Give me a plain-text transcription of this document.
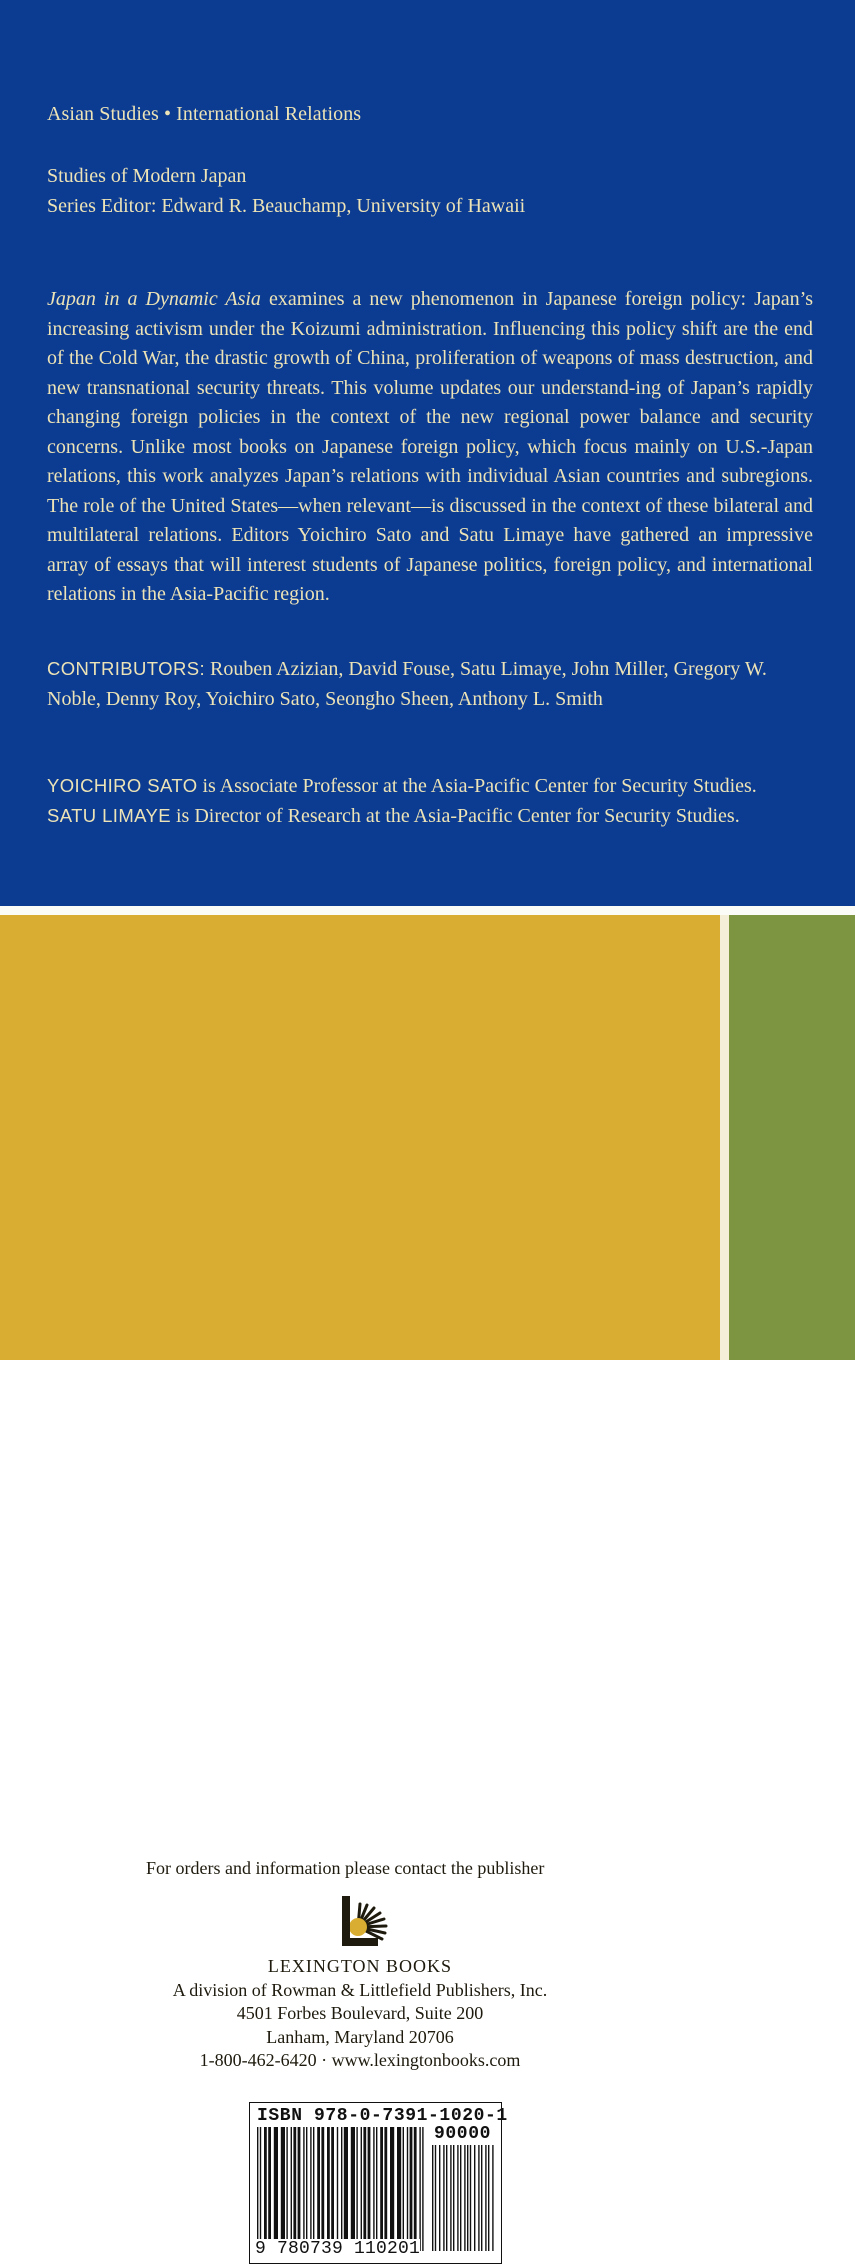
Asian Studies • International Relations
Studies of Modern Japan
Series Editor: Edward R. Beauchamp, University of Hawaii
Japan in a Dynamic Asia examines a new phenomenon in Japanese foreign policy: Japan’s increasing activism under the Koizumi administration. Influencing this policy shift are the end of the Cold War, the drastic growth of China, proliferation of weapons of mass destruction, and new transnational security threats. This volume updates our understand-ing of Japan’s rapidly changing foreign policies in the context of the new regional power balance and security concerns. Unlike most books on Japanese foreign policy, which focus mainly on U.S.-Japan relations, this work analyzes Japan’s relations with individual Asian countries and subregions. The role of the United States—when relevant—is discussed in the context of these bilateral and multilateral relations. Editors Yoichiro Sato and Satu Limaye have gathered an impressive array of essays that will interest students of Japanese politics, foreign policy, and international relations in the Asia-Pacific region.
CONTRIBUTORS: Rouben Azizian, David Fouse, Satu Limaye, John Miller, Gregory W. Noble, Denny Roy, Yoichiro Sato, Seongho Sheen, Anthony L. Smith
YOICHIRO SATO is Associate Professor at the Asia-Pacific Center for Security Studies.
SATU LIMAYE is Director of Research at the Asia-Pacific Center for Security Studies.
For orders and information please contact the publisher
LEXINGTON BOOKS
A division of Rowman & Littlefield Publishers, Inc.
4501 Forbes Boulevard, Suite 200
Lanham, Maryland 20706
1-800-462-6420 · www.lexingtonbooks.com
ISBN 978-0-7391-1020-1
90000
9 780739 110201
